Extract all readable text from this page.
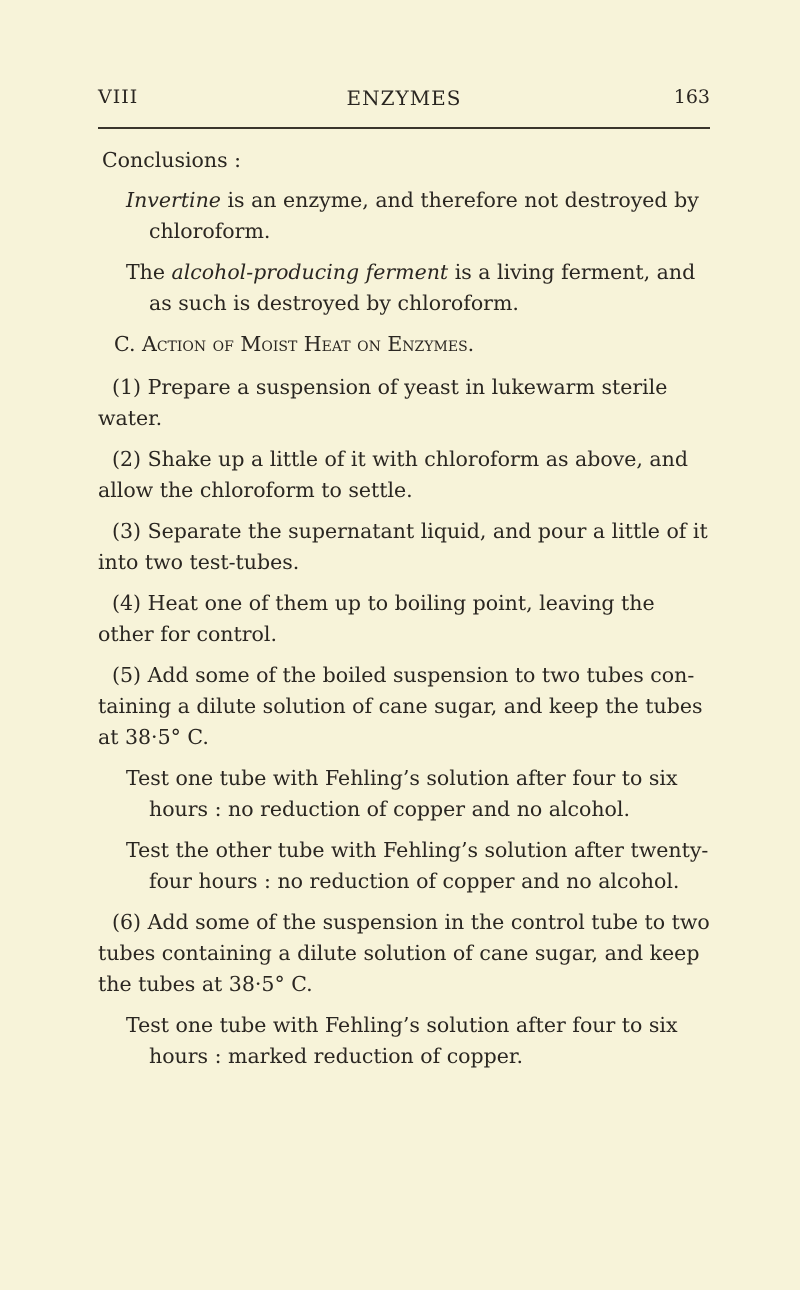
VIII	ENZYMES	163

Conclusions :

Invertine is an enzyme, and therefore not destroyed by chloroform.

The alcohol-producing ferment is a living ferment, and as such is destroyed by chloroform.

C. Action of Moist Heat on Enzymes.

(1) Prepare a suspension of yeast in lukewarm sterile water.

(2) Shake up a little of it with chloroform as above, and allow the chloroform to settle.

(3) Separate the supernatant liquid, and pour a little of it into two test-tubes.

(4) Heat one of them up to boiling point, leaving the other for control.

(5) Add some of the boiled suspension to two tubes containing a dilute solution of cane sugar, and keep the tubes at 38·5° C.

Test one tube with Fehling’s solution after four to six hours : no reduction of copper and no alcohol.

Test the other tube with Fehling’s solution after twenty-four hours : no reduction of copper and no alcohol.

(6) Add some of the suspension in the control tube to two tubes containing a dilute solution of cane sugar, and keep the tubes at 38·5° C.

Test one tube with Fehling’s solution after four to six hours : marked reduction of copper.
